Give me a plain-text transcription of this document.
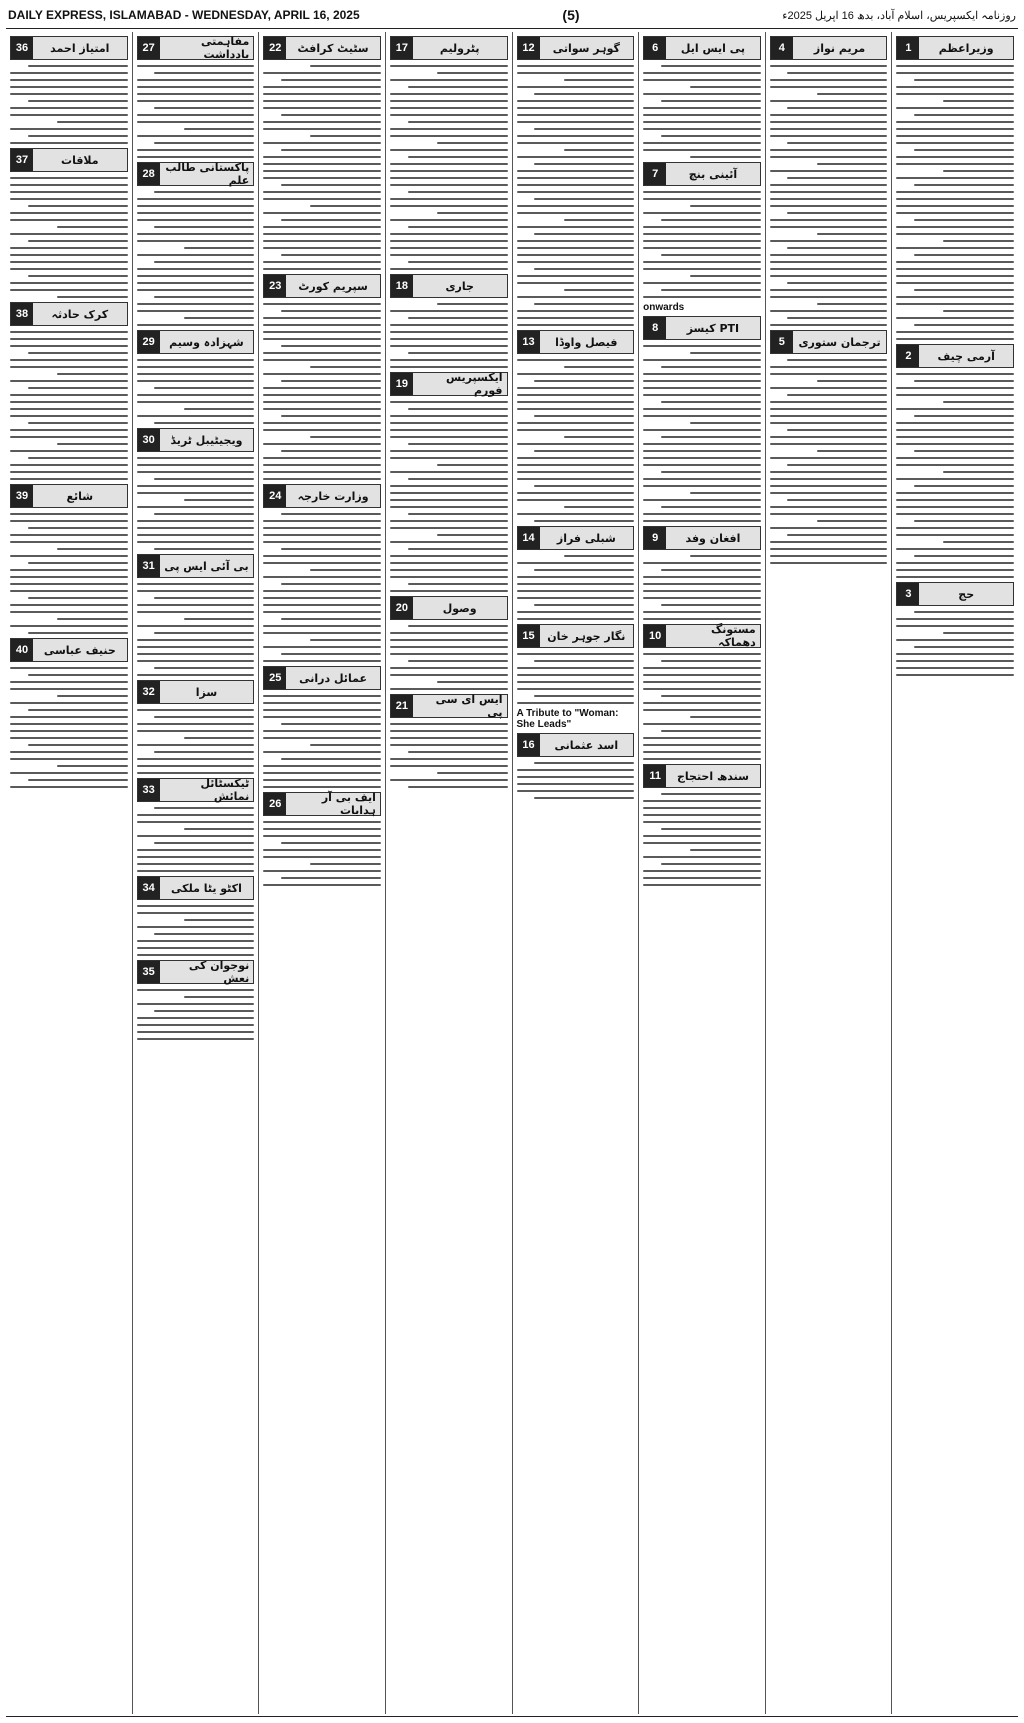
DAILY EXPRESS, ISLAMABAD - WEDNESDAY, APRIL 16, 2025	(5)	روزنامہ ایکسپریس، اسلام آباد، بدھ 16 اپریل 2025ء
وزیراعظم
1
آرمی چیف
2
حج
3
مریم نواز
4
ترجمان ستوری
5
پی ایس ایل
6
آئینی بنچ
7
onwards
PTI کیسز
8
افغان وفد
9
مستونگ دھماکہ
10
سندھ احتجاج
11
گوہر سواتی
12
فیصل واوڈا
13
شبلی فراز
14
نگار جوہر خان
15
A Tribute to "Woman: She Leads"
اسد عثمانی
16
پٹرولیم
17
جاری
18
ایکسپریس فورم
19
وصول
20
ایس ای سی پی
21
سٹیٹ کرافٹ
22
سپریم کورٹ
23
وزارت خارجہ
24
عمائل درانی
25
ایف بی آر ہدایات
26
مفاہمتی یادداشت
27
پاکستانی طالب علم
28
شہزادہ وسیم
29
ویجیٹیبل ٹریڈ
30
بی آئی ایس پی
31
سزا
32
ٹیکسٹائل نمائش
33
اکٹو یٹا ملکی
34
نوجوان کی نعش
35
امتیاز احمد
36
ملاقات
37
کرک حادثہ
38
شائع
39
حنیف عباسی
40
